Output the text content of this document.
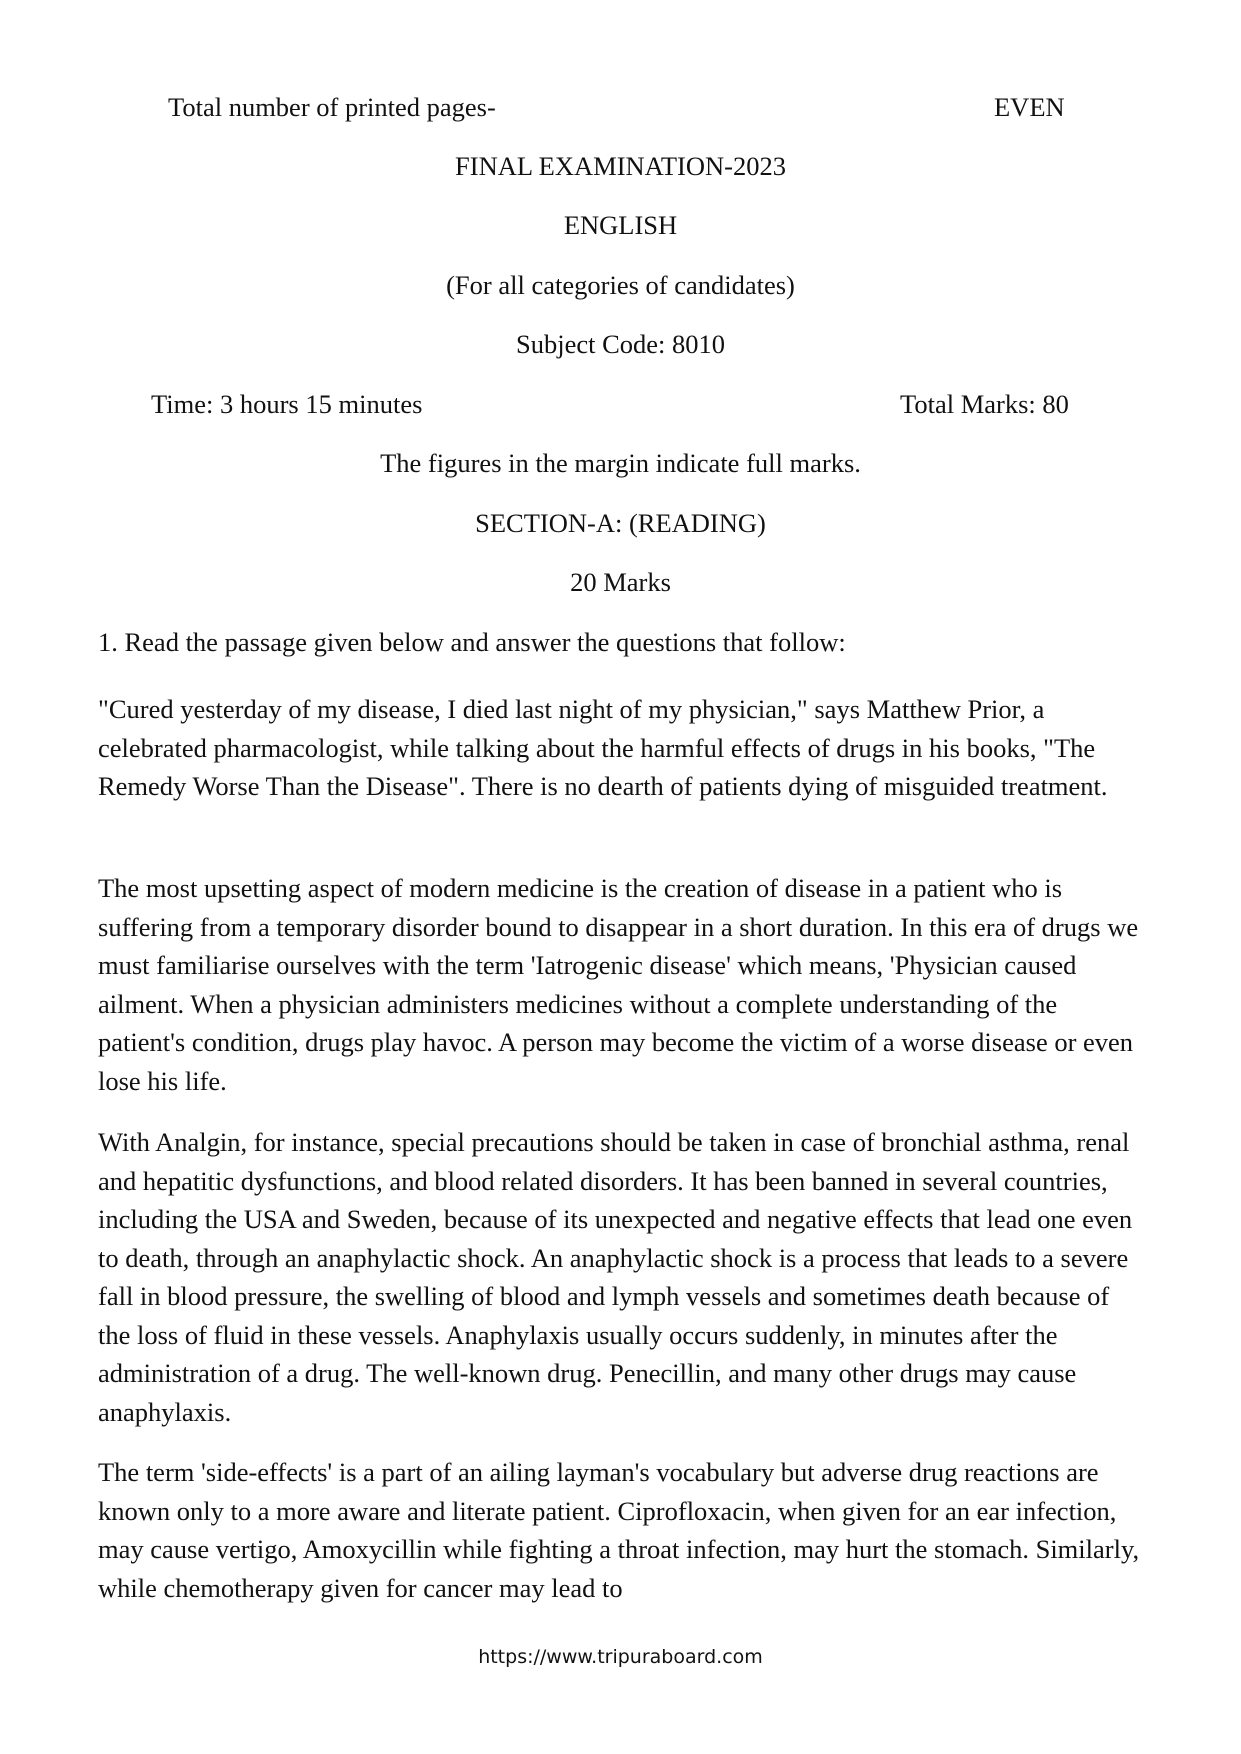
Total number of printed pages-	EVEN
FINAL EXAMINATION-2023
ENGLISH
(For all categories of candidates)
Subject Code: 8010
Time: 3 hours 15 minutes	Total Marks: 80
The figures in the margin indicate full marks.
SECTION-A: (READING)
20 Marks
1. Read the passage given below and answer the questions that follow:

"Cured yesterday of my disease, I died last night of my physician," says Matthew Prior, a celebrated pharmacologist, while talking about the harmful effects of drugs in his books, "The Remedy Worse Than the Disease". There is no dearth of patients dying of misguided treatment.

The most upsetting aspect of modern medicine is the creation of disease in a patient who is suffering from a temporary disorder bound to disappear in a short duration. In this era of drugs we must familiarise ourselves with the term 'Iatrogenic disease' which means, 'Physician caused ailment. When a physician administers medicines without a complete understanding of the patient's condition, drugs play havoc. A person may become the victim of a worse disease or even lose his life.

With Analgin, for instance, special precautions should be taken in case of bronchial asthma, renal and hepatitic dysfunctions, and blood related disorders. It has been banned in several countries, including the USA and Sweden, because of its unexpected and negative effects that lead one even to death, through an anaphylactic shock. An anaphylactic shock is a process that leads to a severe fall in blood pressure, the swelling of blood and lymph vessels and sometimes death because of the loss of fluid in these vessels. Anaphylaxis usually occurs suddenly, in minutes after the administration of a drug. The well-known drug. Penecillin, and many other drugs may cause anaphylaxis.

The term 'side-effects' is a part of an ailing layman's vocabulary but adverse drug reactions are known only to a more aware and literate patient. Ciprofloxacin, when given for an ear infection, may cause vertigo, Amoxycillin while fighting a throat infection, may hurt the stomach. Similarly, while chemotherapy given for cancer may lead to

https://www.tripuraboard.com
